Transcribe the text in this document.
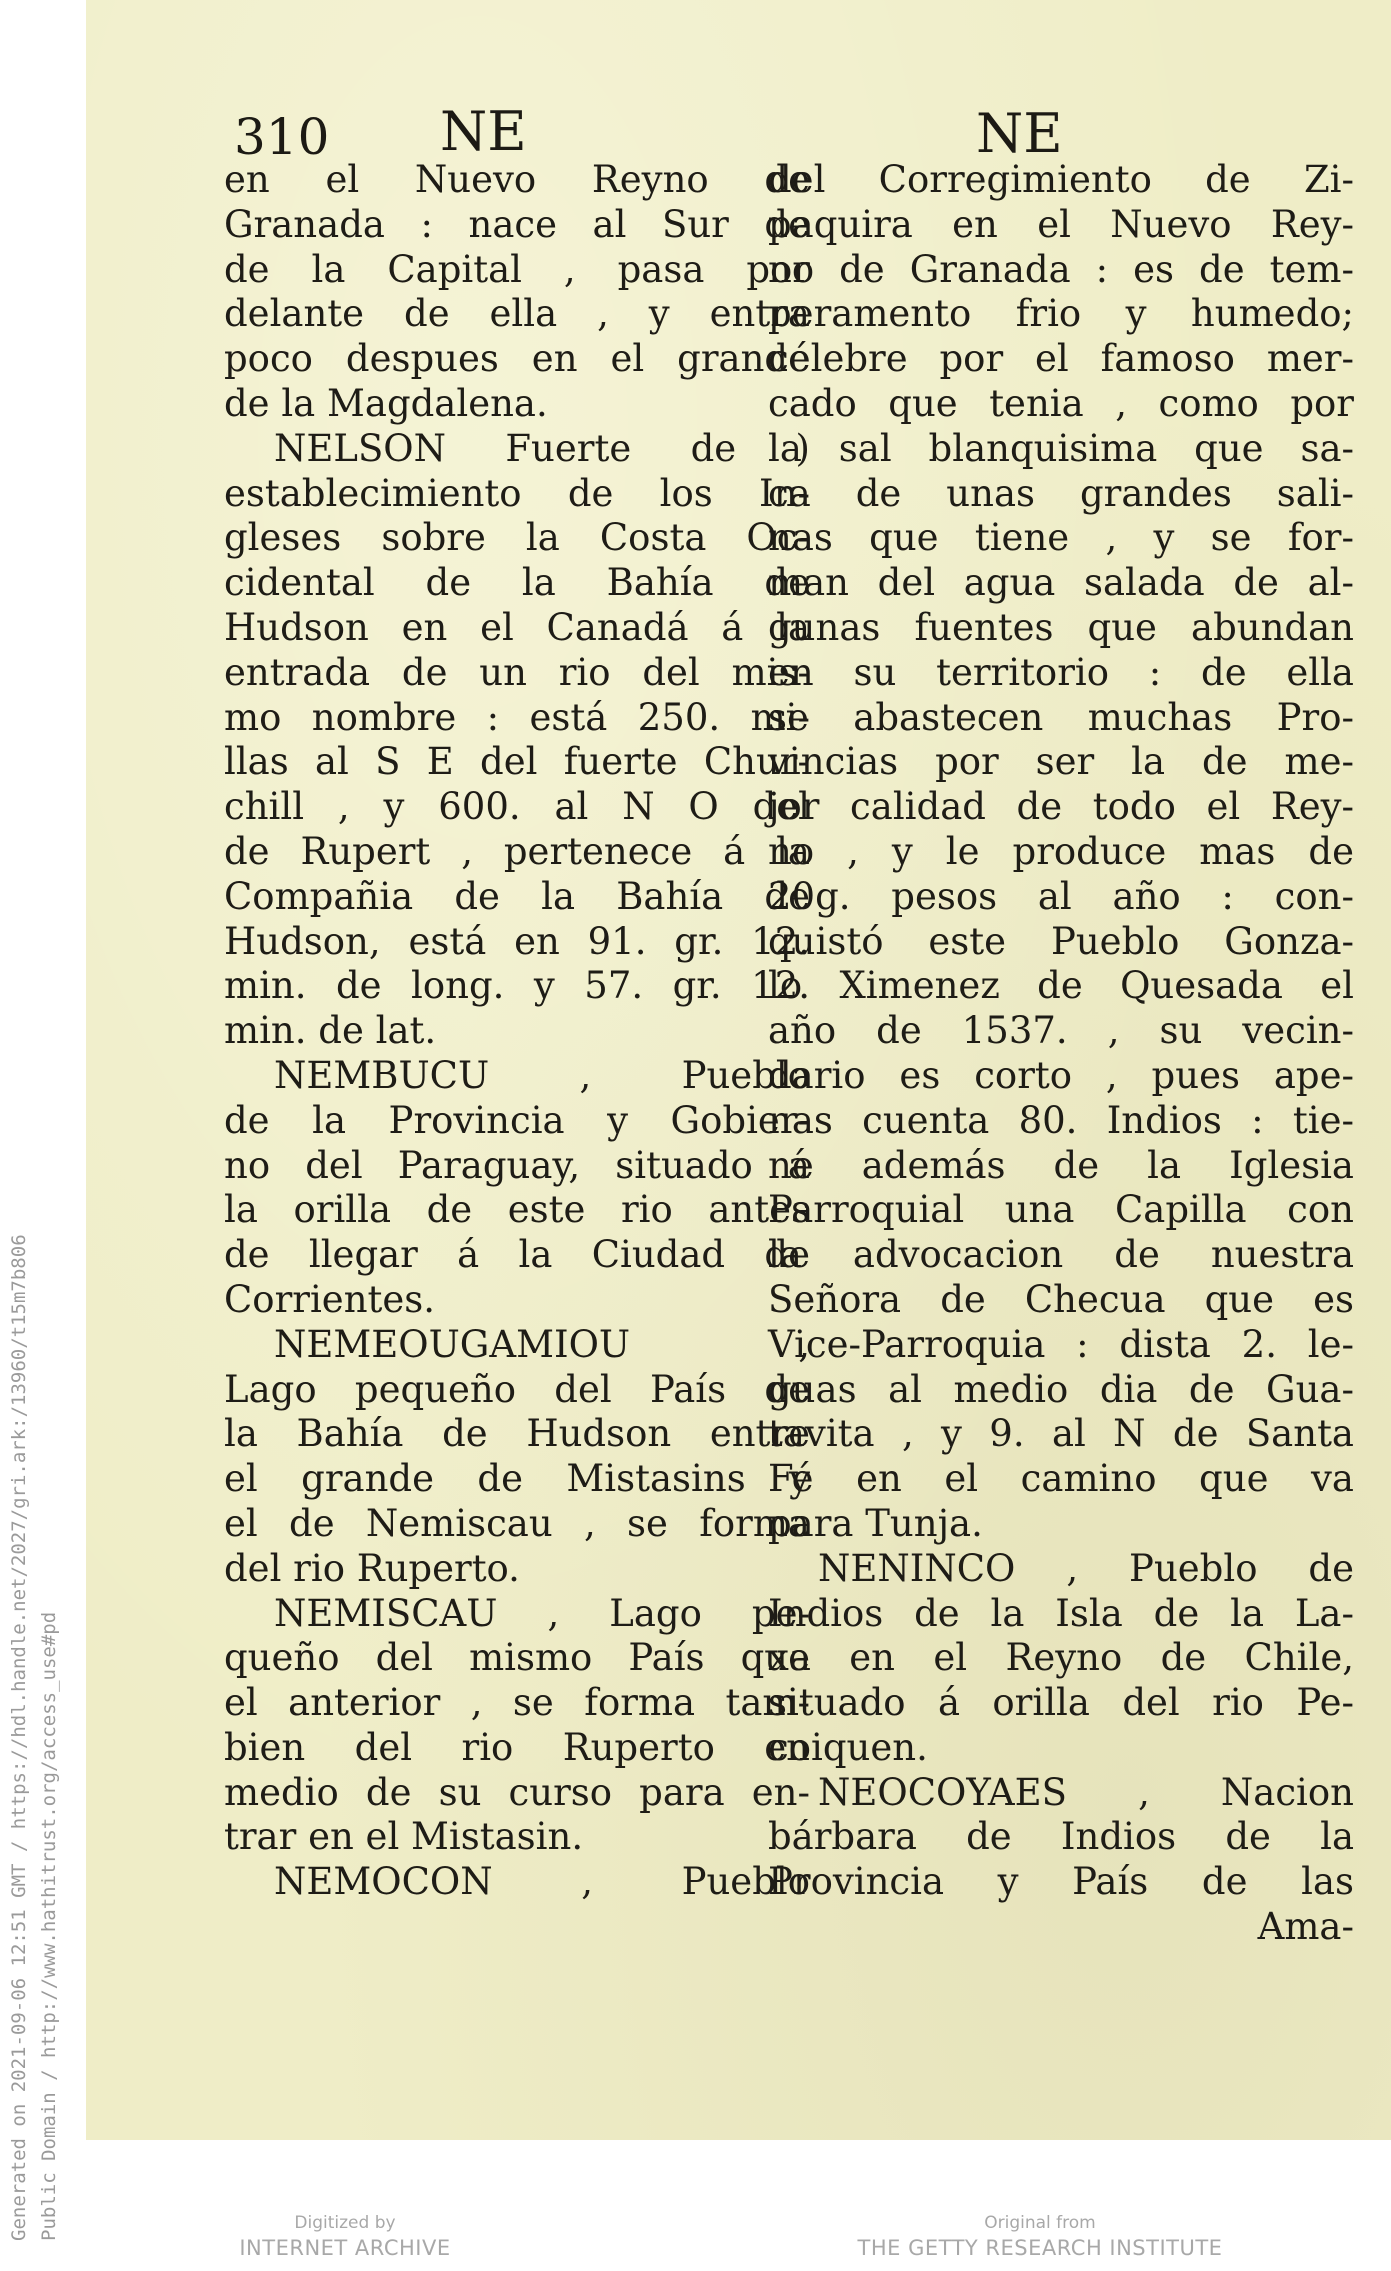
310 NE	NE
en el Nuevo Reyno de
Granada : nace al Sur de
de la Capital , pasa por
delante de ella , y entra
poco despues en el grande
de la Magdalena.
NELSON Fuerte de )
establecimiento de los In-
gleses sobre la Costa Oc-
cidental de la Bahía de
Hudson en el Canadá á la
entrada de un rio del mis-
mo nombre : está 250. mi-
llas al S E del fuerte Chur-
chill , y 600. al N O del
de Rupert , pertenece á la
Compañia de la Bahía de
Hudson, está en 91. gr. 12.
min. de long. y 57. gr. 12.
min. de lat.
NEMBUCU , Pueblo
de la Provincia y Gobier-
no del Paraguay, situado á
la orilla de este rio antes
de llegar á la Ciudad de
Corrientes.
NEMEOUGAMIOU ,
Lago pequeño del País de
la Bahía de Hudson entre
el grande de Mistasins y
el de Nemiscau , se forma
del rio Ruperto.
NEMISCAU , Lago pe-
queño del mismo País que
el anterior , se forma tam-
bien del rio Ruperto en
medio de su curso para en-
trar en el Mistasin.
NEMOCON , Pueblo
del Corregimiento de Zi-
paquira en el Nuevo Rey-
no de Granada : es de tem-
peramento frio y humedo;
célebre por el famoso mer-
cado que tenia , como por
la sal blanquisima que sa-
ca de unas grandes sali-
nas que tiene , y se for-
man del agua salada de al-
gunas fuentes que abundan
en su territorio : de ella
se abastecen muchas Pro-
vincias por ser la de me-
jor calidad de todo el Rey-
no , y le produce mas de
20g. pesos al año : con-
quistó este Pueblo Gonza-
lo Ximenez de Quesada el
año de 1537. , su vecin-
dario es corto , pues ape-
nas cuenta 80. Indios : tie-
ne además de la Iglesia
Parroquial una Capilla con
la advocacion de nuestra
Señora de Checua que es
Vice-Parroquia : dista 2. le-
guas al medio dia de Gua-
tavita , y 9. al N de Santa
Fé en el camino que va
para Tunja.
NENINCO , Pueblo de
Indios de la Isla de la La-
xa en el Reyno de Chile,
situado á orilla del rio Pe-
coiquen.
NEOCOYAES , Nacion
bárbara de Indios de la
Provincia y País de las
Ama-
Generated on 2021-09-06 12:51 GMT / https://hdl.handle.net/2027/gri.ark:/13960/t15m7b806 Public Domain / http://www.hathitrust.org/access_use#pd	Digitized by
INTERNET ARCHIVE
Original from
THE GETTY RESEARCH INSTITUTE
